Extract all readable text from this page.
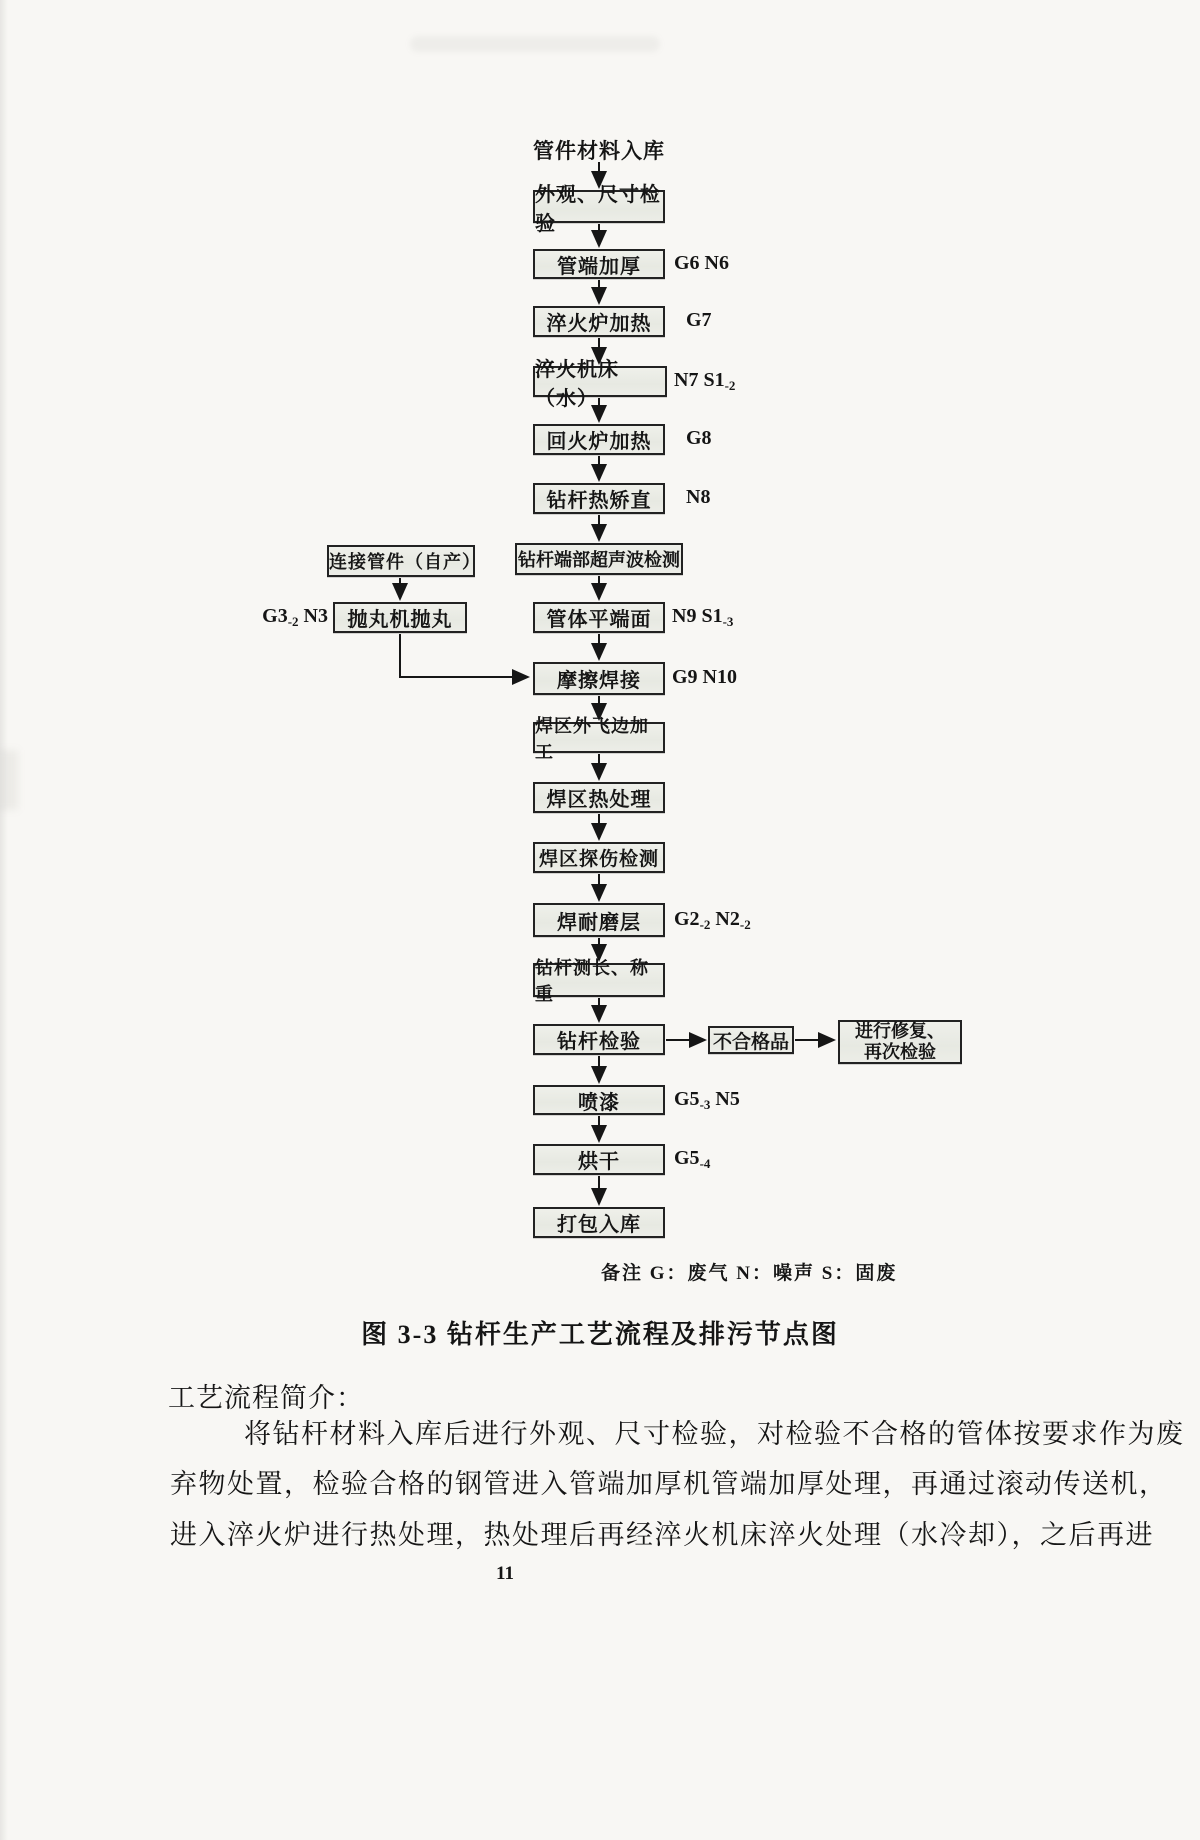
管件材料入库
外观、尺寸检验
管端加厚
淬火炉加热
淬火机床（水）
回火炉加热
钻杆热矫直
钻杆端部超声波检测
管体平端面
摩擦焊接
焊区外飞边加工
焊区热处理
焊区探伤检测
焊耐磨层
钻杆测长、称重
钻杆检验
喷漆
烘干
打包入库
连接管件（自产）
抛丸机抛丸
不合格品
进行修复、
再次检验
G6 N6
G7
N7 $S1_{-2}$
G8
N8
N9 $S1_{-3}$
G9 N10
$G2_{-2}$ $N2_{-2}$
$G5_{-3}$ N5
$G5_{-4}$
$G3_{-2}$ N3
备注 G：废气 N：噪声 S：固废
图 3-3 钻杆生产工艺流程及排污节点图
工艺流程简介：
将钻杆材料入库后进行外观、尺寸检验，对检验不合格的管体按要求作为废
弃物处置，检验合格的钢管进入管端加厚机管端加厚处理，再通过滚动传送机，
进入淬火炉进行热处理，热处理后再经淬火机床淬火处理（水冷却），之后再进
11
